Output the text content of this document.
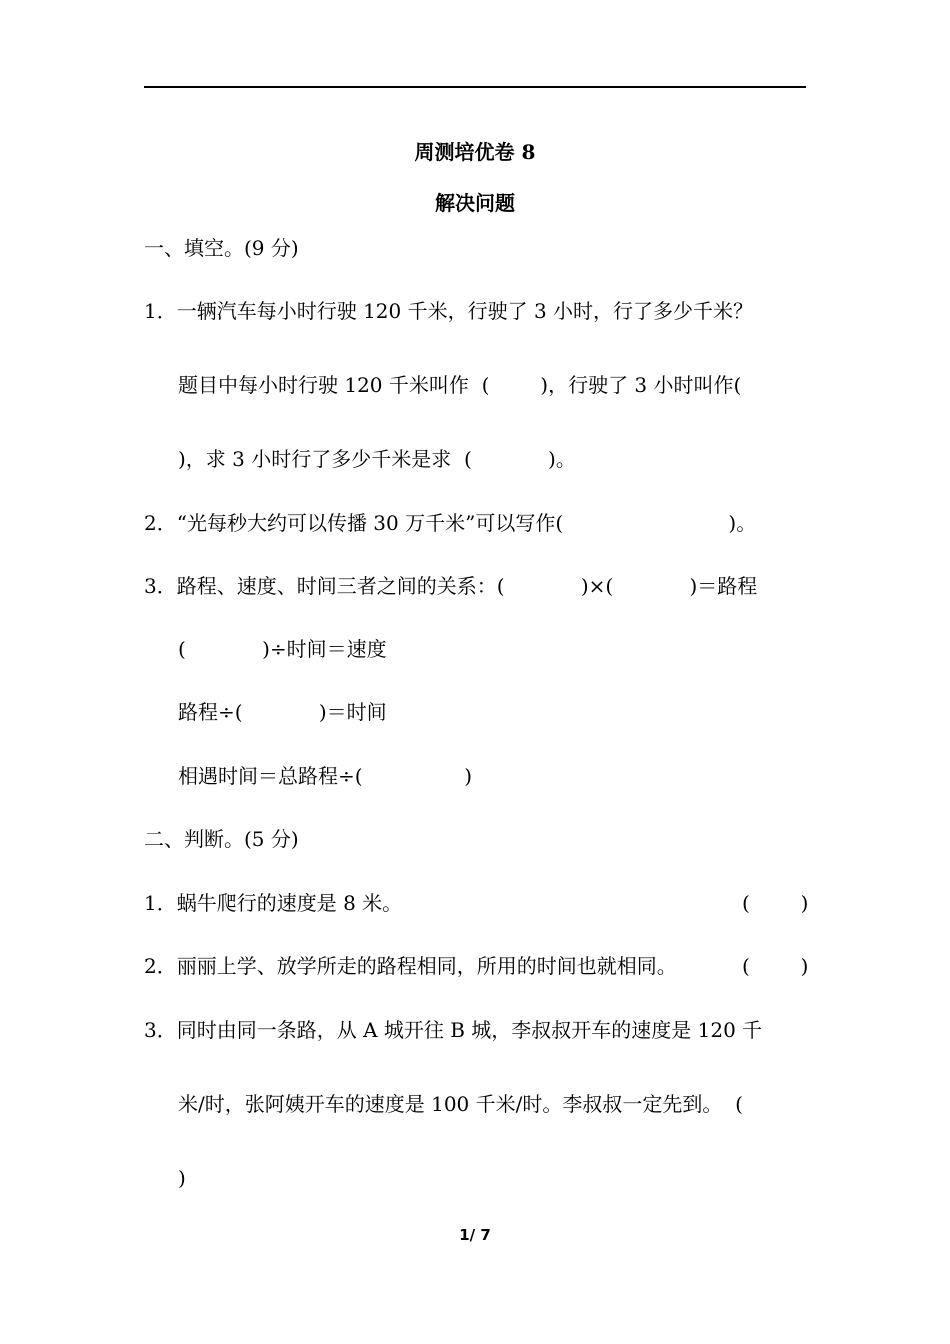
周测培优卷 8
解决问题
一、填空。(9 分)
1．一辆汽车每小时行驶 120 千米，行驶了 3 小时，行了多少千米？
题目中每小时行驶 120 千米叫作  (        )，行驶了 3 小时叫作(
)，求 3 小时行了多少千米是求  (            )。
2．“光每秒大约可以传播 30 万千米”可以写作(                          )。
3．路程、速度、时间三者之间的关系：(            )×(            )＝路程
(            )÷时间＝速度
路程÷(            )＝时间
相遇时间＝总路程÷(                )
二、判断。(5 分)
1．蜗牛爬行的速度是 8 米。	(        )
2．丽丽上学、放学所走的路程相同，所用的时间也就相同。	(        )
3．同时由同一条路，从 A 城开往 B 城，李叔叔开车的速度是 120 千
米/时，张阿姨开车的速度是 100 千米/时。李叔叔一定先到。  (
)
1/ 7
